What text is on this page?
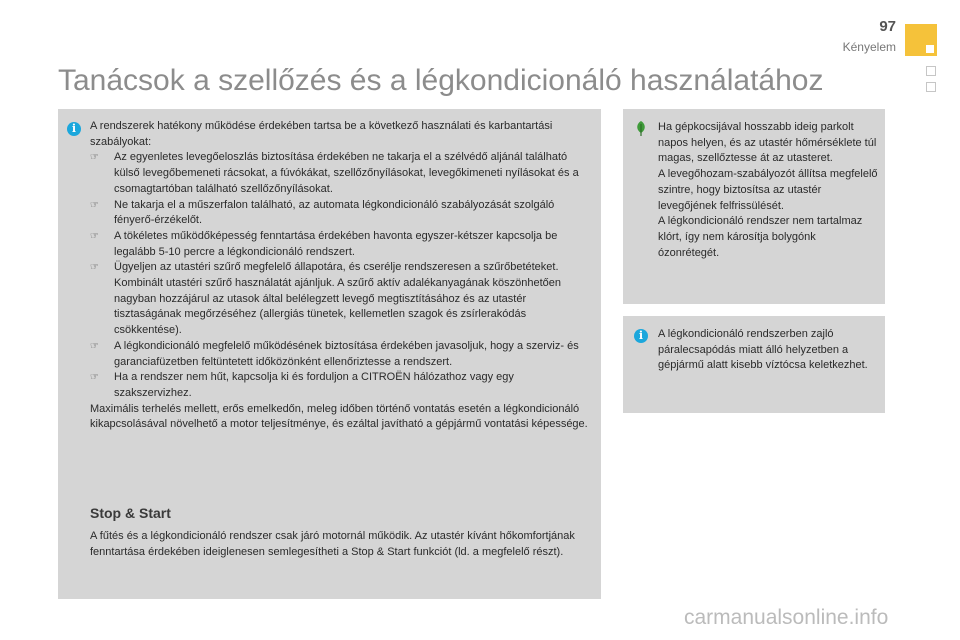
97
Kényelem
Tanácsok a szellőzés és a légkondicionáló használatához
i	A rendszerek hatékony működése érdekében tartsa be a következő használati és karbantartási szabályokat:

☞ Az egyenletes levegőeloszlás biztosítása érdekében ne takarja el a szélvédő aljánál található külső levegőbemeneti rácsokat, a fúvókákat, szellőzőnyílásokat, levegőkimeneti nyílásokat és a csomagtartóban található szellőzőnyílásokat.
☞ Ne takarja el a műszerfalon található, az automata légkondicionáló szabályozását szolgáló fényerő-érzékelőt.
☞ A tökéletes működőképesség fenntartása érdekében havonta egyszer-kétszer kapcsolja be legalább 5-10 percre a légkondicionáló rendszert.
☞ Ügyeljen az utastéri szűrő megfelelő állapotára, és cserélje rendszeresen a szűrőbetéteket.
Kombinált utastéri szűrő használatát ajánljuk. A szűrő aktív adalékanyagának köszönhetően nagyban hozzájárul az utasok által belélegzett levegő megtisztításához és az utastér tisztaságának megőrzéséhez (allergiás tünetek, kellemetlen szagok és zsírlerakódás csökkentése).
☞ A légkondicionáló megfelelő működésének biztosítása érdekében javasoljuk, hogy a szerviz- és garanciafüzetben feltüntetett időközönként ellenőriztesse a rendszert.
☞ Ha a rendszer nem hűt, kapcsolja ki és forduljon a CITROËN hálózathoz vagy egy szakszervizhez.

Maximális terhelés mellett, erős emelkedőn, meleg időben történő vontatás esetén a légkondicionáló kikapcsolásával növelhető a motor teljesítménye, és ezáltal javítható a gépjármű vontatási képessége.

Stop & Start
A fűtés és a légkondicionáló rendszer csak járó motornál működik. Az utastér kívánt hőkomfortjának fenntartása érdekében ideiglenesen semlegesítheti a Stop & Start funkciót (ld. a megfelelő részt).

Ha gépkocsijával hosszabb ideig parkolt napos helyen, és az utastér hőmérséklete túl magas, szellőztesse át az utasteret.

A levegőhozam-szabályozót állítsa megfelelő szintre, hogy biztosítsa az utastér levegőjének felfrissülését.

A légkondicionáló rendszer nem tartalmaz klórt, így nem károsítja bolygónk ózonrétegét.

i	A légkondicionáló rendszerben zajló páralecsapódás miatt álló helyzetben a gépjármű alatt kisebb víztócsa keletkezhet.
carmanualsonline.info
